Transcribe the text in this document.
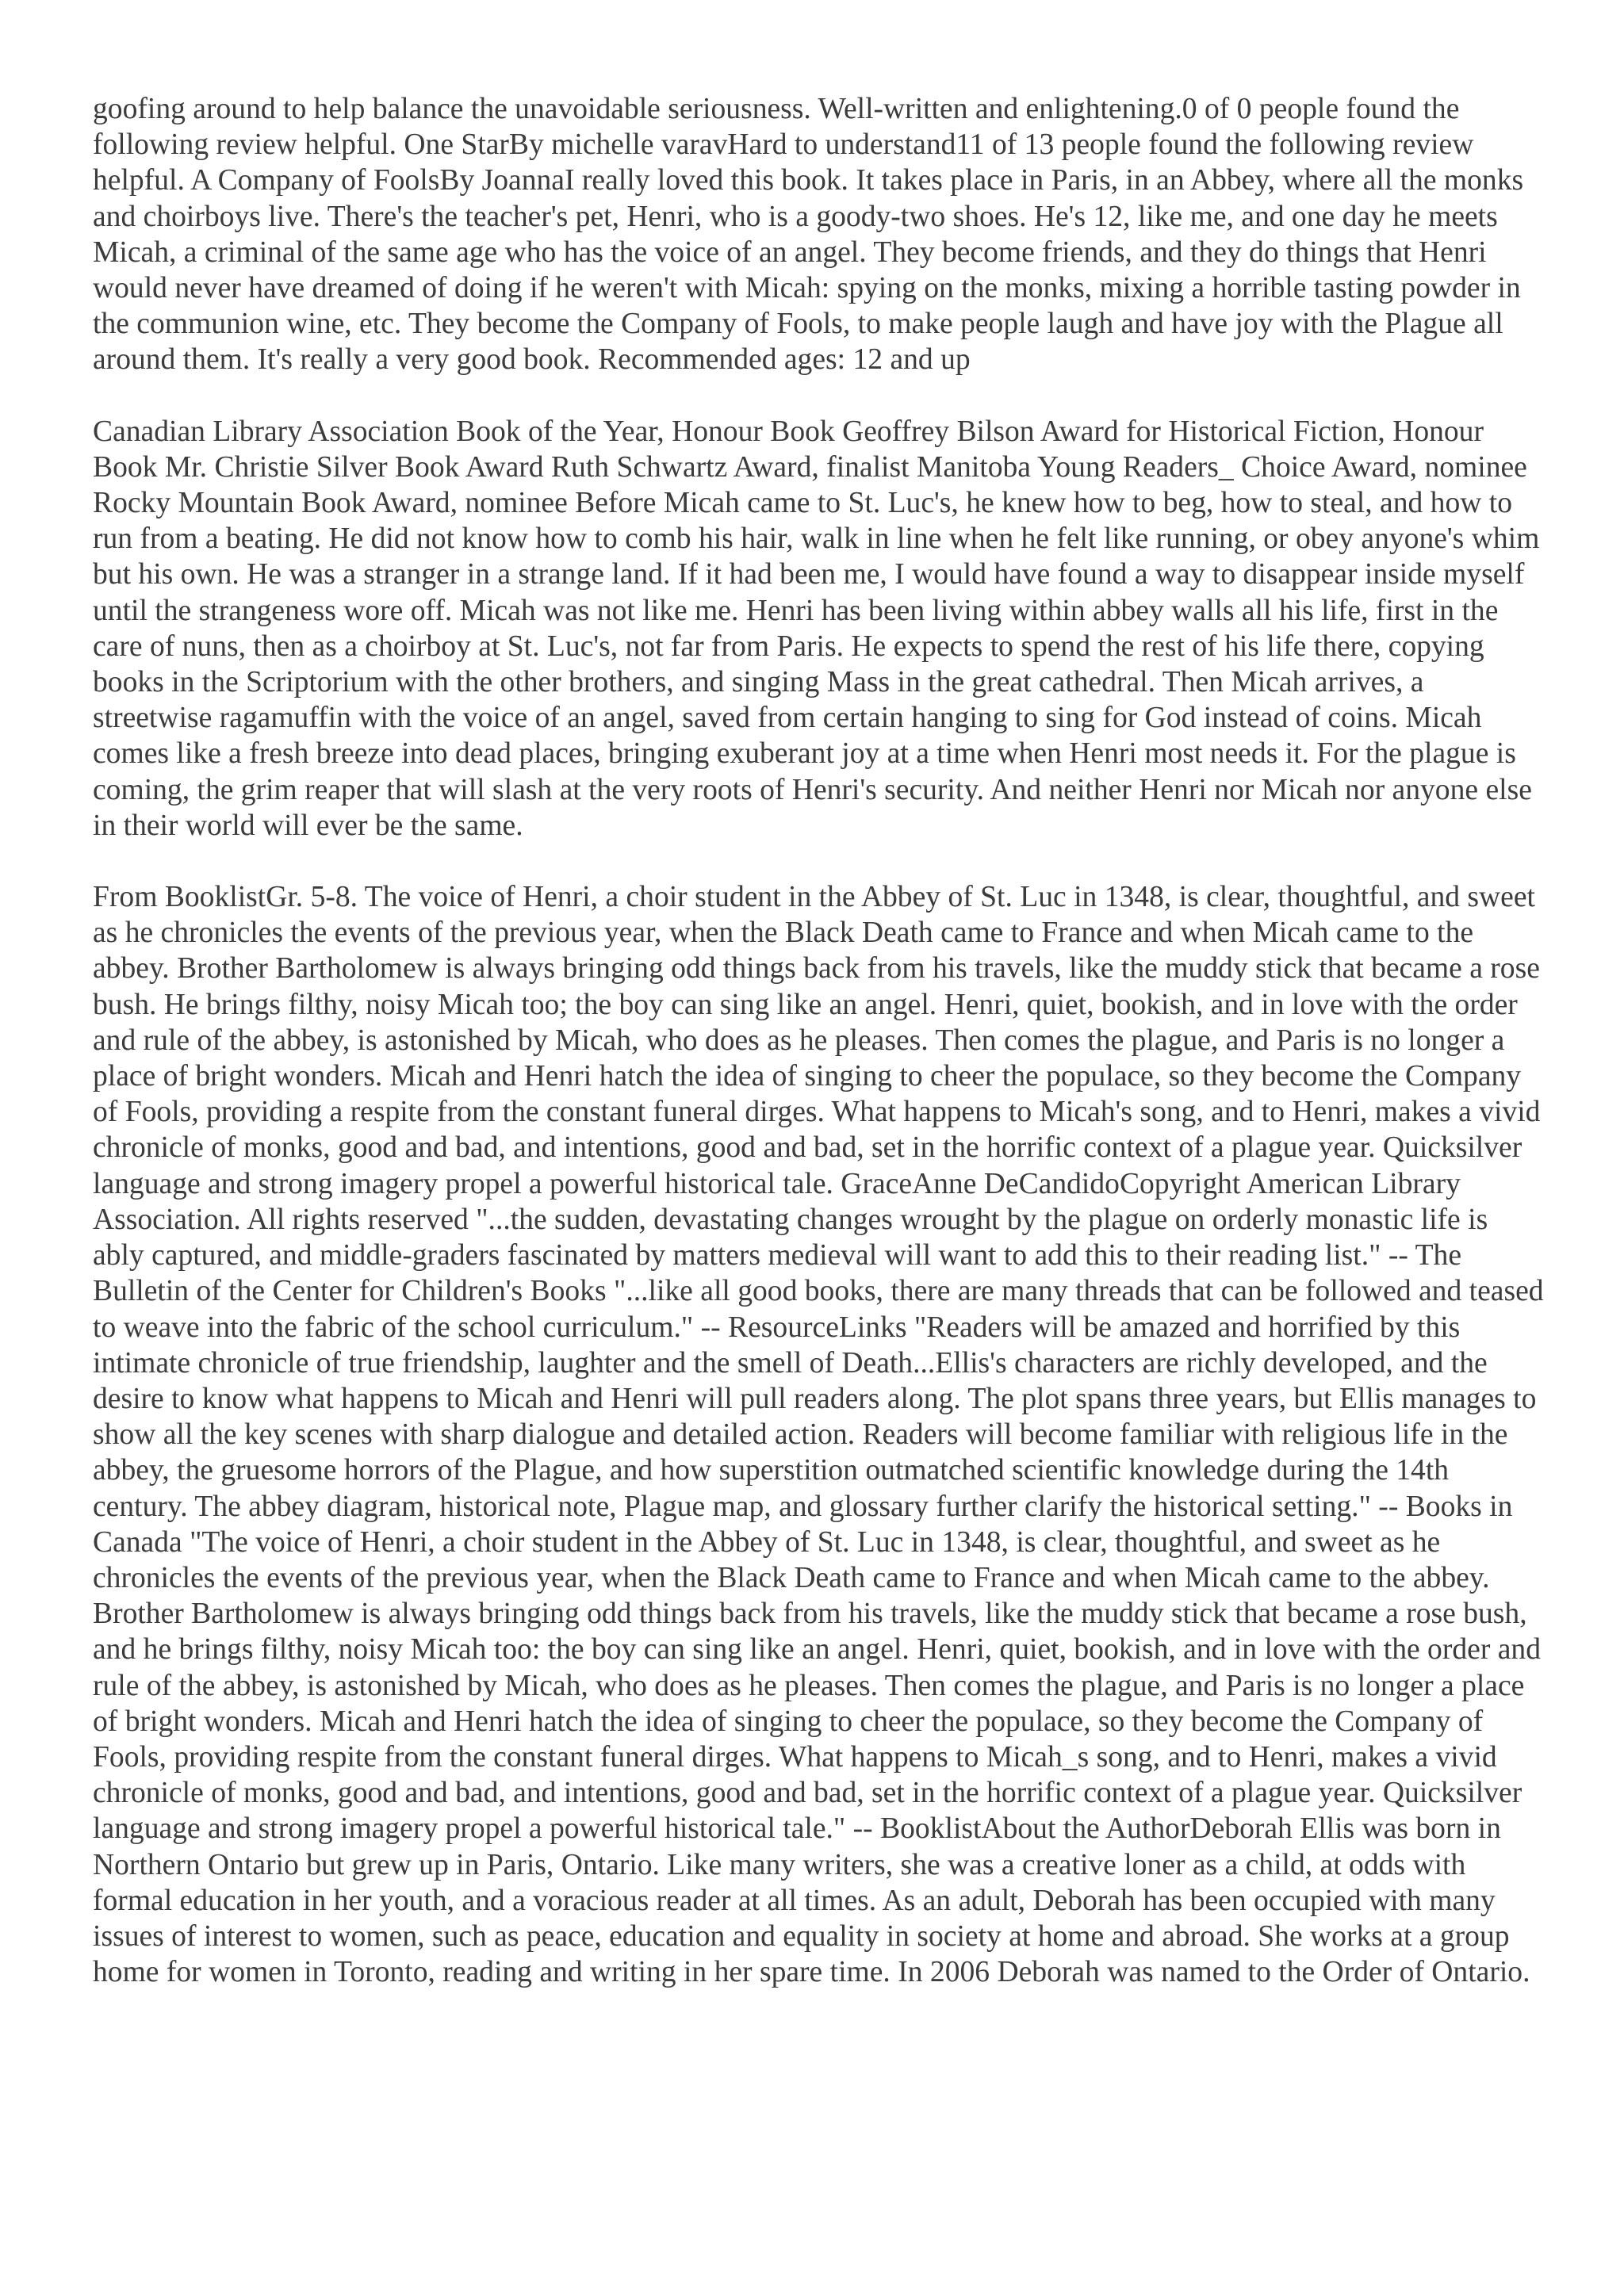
goofing around to help balance the unavoidable seriousness. Well-written and enlightening.0 of 0 people found the following review helpful. One StarBy michelle varavHard to understand11 of 13 people found the following review helpful. A Company of FoolsBy JoannaI really loved this book. It takes place in Paris, in an Abbey, where all the monks and choirboys live. There's the teacher's pet, Henri, who is a goody-two shoes. He's 12, like me, and one day he meets Micah, a criminal of the same age who has the voice of an angel. They become friends, and they do things that Henri would never have dreamed of doing if he weren't with Micah: spying on the monks, mixing a horrible tasting powder in the communion wine, etc. They become the Company of Fools, to make people laugh and have joy with the Plague all around them. It's really a very good book. Recommended ages: 12 and up

Canadian Library Association Book of the Year, Honour Book Geoffrey Bilson Award for Historical Fiction, Honour Book Mr. Christie Silver Book Award Ruth Schwartz Award, finalist Manitoba Young Readers_ Choice Award, nominee Rocky Mountain Book Award, nominee Before Micah came to St. Luc's, he knew how to beg, how to steal, and how to run from a beating. He did not know how to comb his hair, walk in line when he felt like running, or obey anyone's whim but his own. He was a stranger in a strange land. If it had been me, I would have found a way to disappear inside myself until the strangeness wore off. Micah was not like me. Henri has been living within abbey walls all his life, first in the care of nuns, then as a choirboy at St. Luc's, not far from Paris. He expects to spend the rest of his life there, copying books in the Scriptorium with the other brothers, and singing Mass in the great cathedral. Then Micah arrives, a streetwise ragamuffin with the voice of an angel, saved from certain hanging to sing for God instead of coins. Micah comes like a fresh breeze into dead places, bringing exuberant joy at a time when Henri most needs it. For the plague is coming, the grim reaper that will slash at the very roots of Henri's security. And neither Henri nor Micah nor anyone else in their world will ever be the same.

From BooklistGr. 5-8. The voice of Henri, a choir student in the Abbey of St. Luc in 1348, is clear, thoughtful, and sweet as he chronicles the events of the previous year, when the Black Death came to France and when Micah came to the abbey. Brother Bartholomew is always bringing odd things back from his travels, like the muddy stick that became a rose bush. He brings filthy, noisy Micah too; the boy can sing like an angel. Henri, quiet, bookish, and in love with the order and rule of the abbey, is astonished by Micah, who does as he pleases. Then comes the plague, and Paris is no longer a place of bright wonders. Micah and Henri hatch the idea of singing to cheer the populace, so they become the Company of Fools, providing a respite from the constant funeral dirges. What happens to Micah's song, and to Henri, makes a vivid chronicle of monks, good and bad, and intentions, good and bad, set in the horrific context of a plague year. Quicksilver language and strong imagery propel a powerful historical tale. GraceAnne DeCandidoCopyright American Library Association. All rights reserved "...the sudden, devastating changes wrought by the plague on orderly monastic life is ably captured, and middle-graders fascinated by matters medieval will want to add this to their reading list." -- The Bulletin of the Center for Children's Books "...like all good books, there are many threads that can be followed and teased to weave into the fabric of the school curriculum." -- ResourceLinks "Readers will be amazed and horrified by this intimate chronicle of true friendship, laughter and the smell of Death...Ellis's characters are richly developed, and the desire to know what happens to Micah and Henri will pull readers along. The plot spans three years, but Ellis manages to show all the key scenes with sharp dialogue and detailed action. Readers will become familiar with religious life in the abbey, the gruesome horrors of the Plague, and how superstition outmatched scientific knowledge during the 14th century. The abbey diagram, historical note, Plague map, and glossary further clarify the historical setting." -- Books in Canada "The voice of Henri, a choir student in the Abbey of St. Luc in 1348, is clear, thoughtful, and sweet as he chronicles the events of the previous year, when the Black Death came to France and when Micah came to the abbey. Brother Bartholomew is always bringing odd things back from his travels, like the muddy stick that became a rose bush, and he brings filthy, noisy Micah too: the boy can sing like an angel. Henri, quiet, bookish, and in love with the order and rule of the abbey, is astonished by Micah, who does as he pleases. Then comes the plague, and Paris is no longer a place of bright wonders. Micah and Henri hatch the idea of singing to cheer the populace, so they become the Company of Fools, providing respite from the constant funeral dirges. What happens to Micah_s song, and to Henri, makes a vivid chronicle of monks, good and bad, and intentions, good and bad, set in the horrific context of a plague year. Quicksilver language and strong imagery propel a powerful historical tale." -- BooklistAbout the AuthorDeborah Ellis was born in Northern Ontario but grew up in Paris, Ontario. Like many writers, she was a creative loner as a child, at odds with formal education in her youth, and a voracious reader at all times. As an adult, Deborah has been occupied with many issues of interest to women, such as peace, education and equality in society at home and abroad. She works at a group home for women in Toronto, reading and writing in her spare time. In 2006 Deborah was named to the Order of Ontario.
